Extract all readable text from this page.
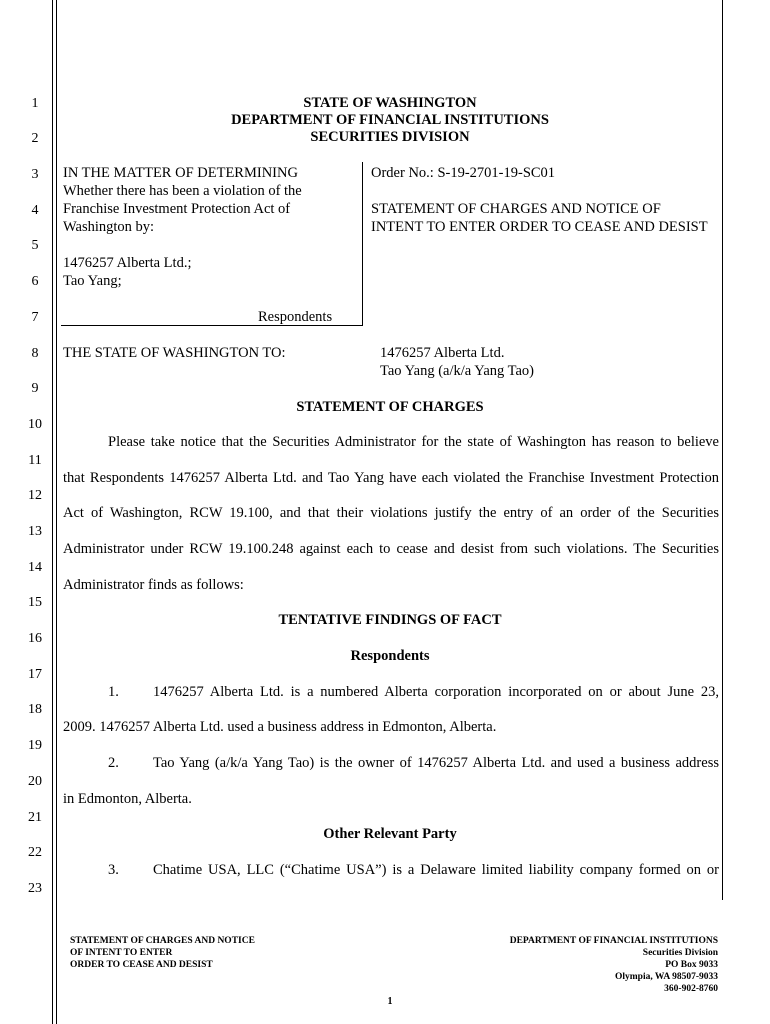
1
2
3
4
5
6
7
8
9
10
11
12
13
14
15
16
17
18
19
20
21
22
23
STATE OF WASHINGTON
DEPARTMENT OF FINANCIAL INSTITUTIONS
SECURITIES DIVISION
IN THE MATTER OF DETERMINING
Whether there has been a violation of the
Franchise Investment Protection Act of
Washington by:
1476257 Alberta Ltd.;
Tao Yang;
Respondents
Order No.: S-19-2701-19-SC01
STATEMENT OF CHARGES AND NOTICE OF
INTENT TO ENTER ORDER TO CEASE AND DESIST
THE STATE OF WASHINGTON TO:	1476257 Alberta Ltd.
Tao Yang (a/k/a Yang Tao)
STATEMENT OF CHARGES
Please take notice that the Securities Administrator for the state of Washington has reason to believe
that Respondents 1476257 Alberta Ltd. and Tao Yang have each violated the Franchise Investment Protection
Act of Washington, RCW 19.100, and that their violations justify the entry of an order of the Securities
Administrator under RCW 19.100.248 against each to cease and desist from such violations. The Securities
Administrator finds as follows:
TENTATIVE FINDINGS OF FACT
Respondents
1. 1476257 Alberta Ltd. is a numbered Alberta corporation incorporated on or about June 23,
2009. 1476257 Alberta Ltd. used a business address in Edmonton, Alberta.
2. Tao Yang (a/k/a Yang Tao) is the owner of 1476257 Alberta Ltd. and used a business address
in Edmonton, Alberta.
Other Relevant Party
3. Chatime USA, LLC (“Chatime USA”) is a Delaware limited liability company formed on or
STATEMENT OF CHARGES AND NOTICE
OF INTENT TO ENTER
ORDER TO CEASE AND DESIST
DEPARTMENT OF FINANCIAL INSTITUTIONS
Securities Division
PO Box 9033
Olympia, WA 98507-9033
360-902-8760
1
